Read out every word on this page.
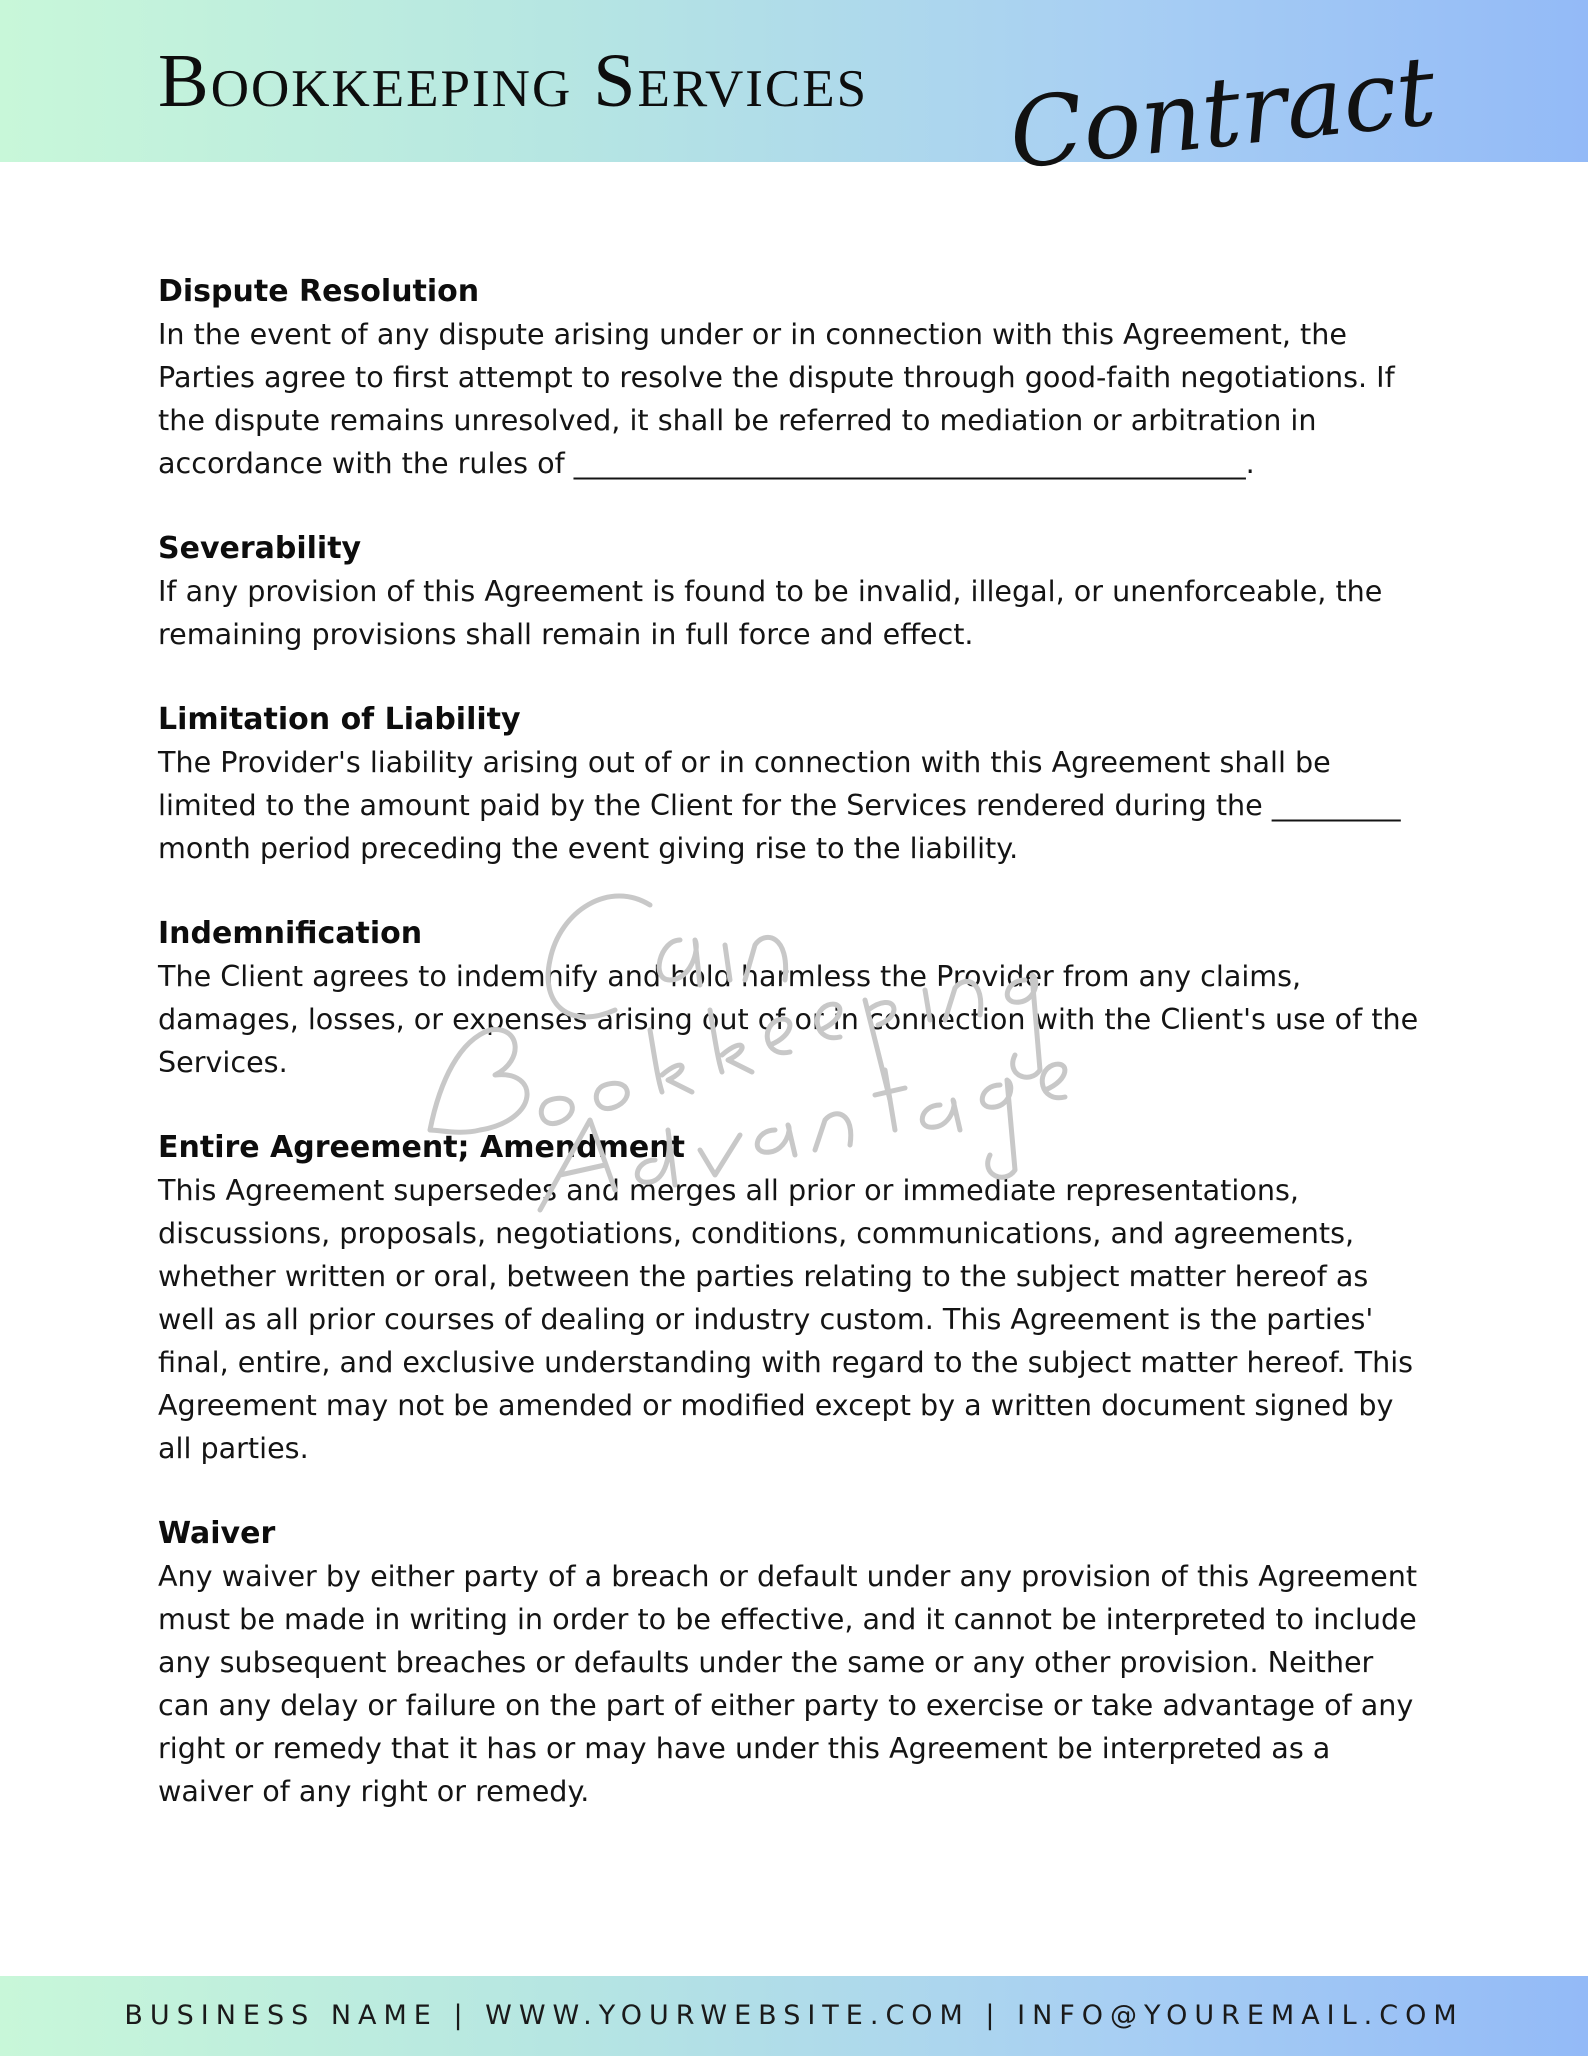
Bookkeeping Services Contract
Dispute Resolution

In the event of any dispute arising under or in connection with this Agreement, the Parties agree to first attempt to resolve the dispute through good-faith negotiations. If the dispute remains unresolved, it shall be referred to mediation or arbitration in accordance with the rules of _______________________________________________.

Severability

If any provision of this Agreement is found to be invalid, illegal, or unenforceable, the remaining provisions shall remain in full force and effect.

Limitation of Liability

The Provider's liability arising out of or in connection with this Agreement shall be limited to the amount paid by the Client for the Services rendered during the _________ month period preceding the event giving rise to the liability.

Indemnification

The Client agrees to indemnify and hold harmless the Provider from any claims, damages, losses, or expenses arising out of or in connection with the Client's use of the Services.

Entire Agreement; Amendment

This Agreement supersedes and merges all prior or immediate representations, discussions, proposals, negotiations, conditions, communications, and agreements, whether written or oral, between the parties relating to the subject matter hereof as well as all prior courses of dealing or industry custom. This Agreement is the parties' final, entire, and exclusive understanding with regard to the subject matter hereof. This Agreement may not be amended or modified except by a written document signed by all parties.

Waiver

Any waiver by either party of a breach or default under any provision of this Agreement must be made in writing in order to be effective, and it cannot be interpreted to include any subsequent breaches or defaults under the same or any other provision. Neither can any delay or failure on the part of either party to exercise or take advantage of any right or remedy that it has or may have under this Agreement be interpreted as a waiver of any right or remedy.

BUSINESS NAME | WWW.YOURWEBSITE.COM | INFO@YOUREMAIL.COM
